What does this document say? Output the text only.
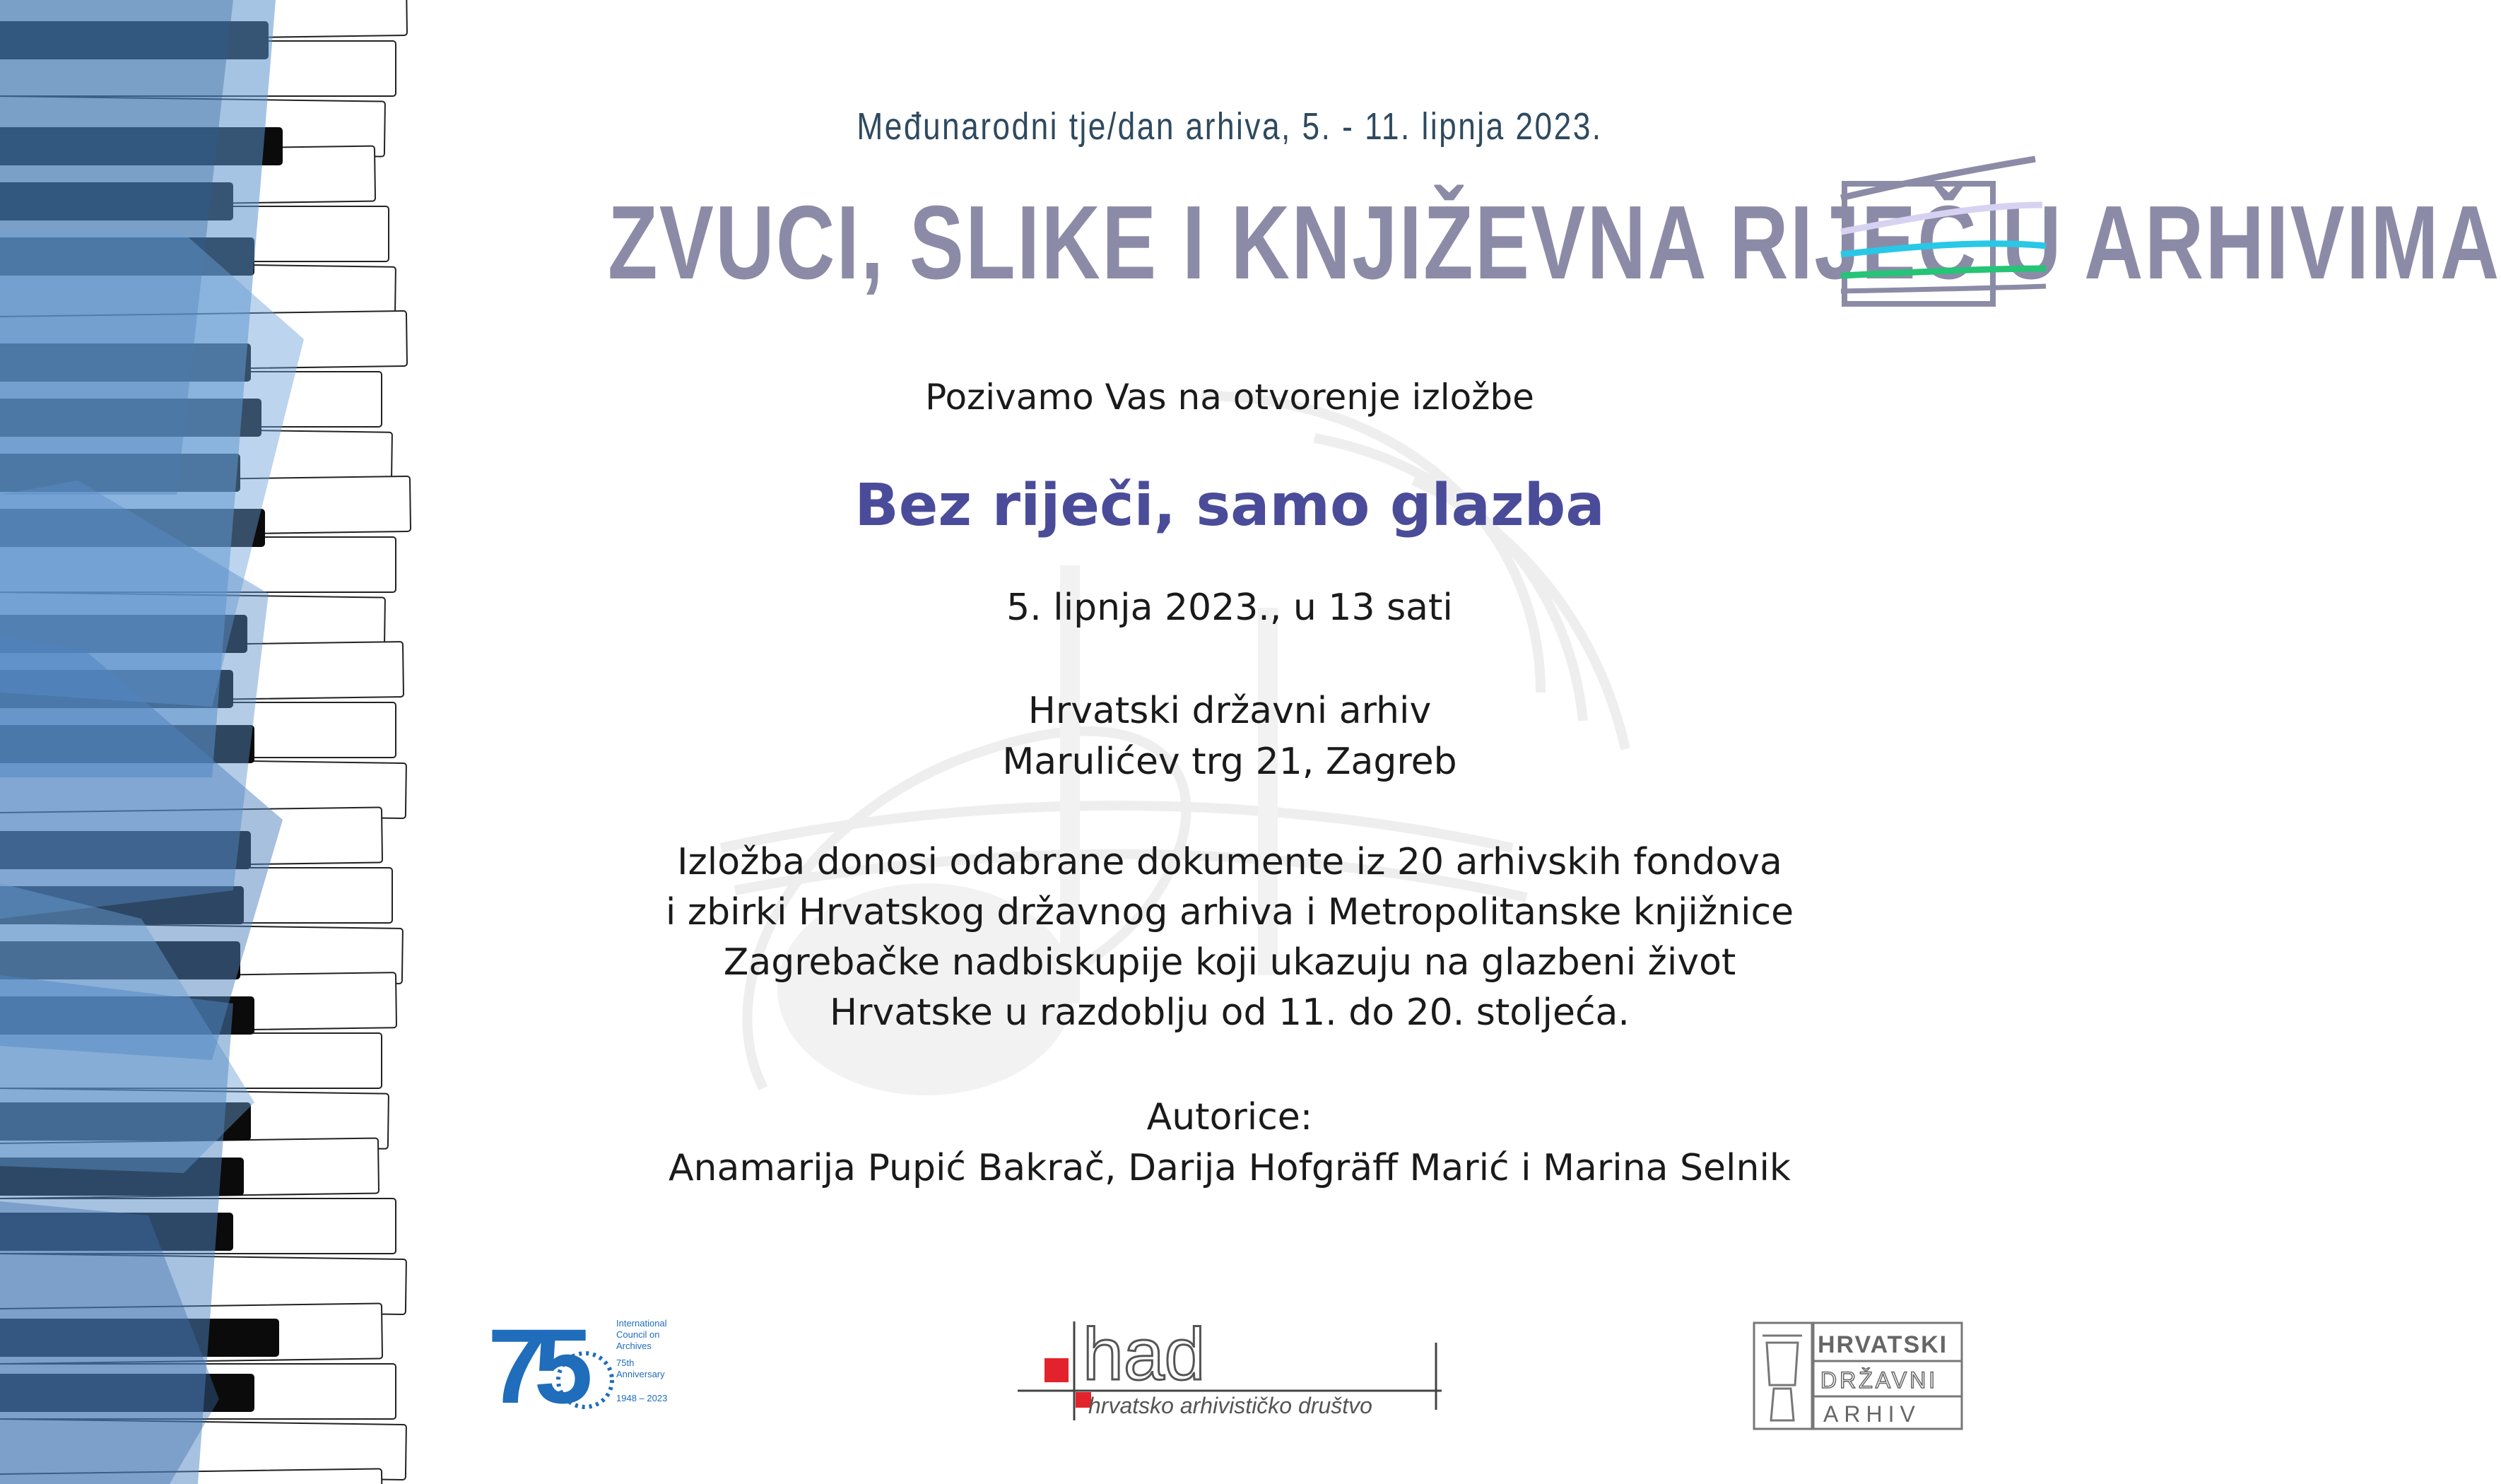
Međunarodni tje/dan arhiva, 5. - 11. lipnja 2023.
ZVUCI, SLIKE I KNJIŽEVNA RIJEČ U ARHIVIMA
Pozivamo Vas na otvorenje izložbe
Bez riječi, samo glazba
5. lipnja 2023., u 13 sati
Hrvatski državni arhiv
Marulićev trg 21, Zagreb
Izložba donosi odabrane dokumente iz 20 arhivskih fondova
i zbirki Hrvatskog državnog arhiva i Metropolitanske knjižnice
Zagrebačke nadbiskupije koji ukazuju na glazbeni život
Hrvatske u razdoblju od 11. do 20. stoljeća.
Autorice:
Anamarija Pupić Bakrač, Darija Hofgräff Marić i Marina Selnik
75	International
Council on
Archives
75th
Anniversary
1948 – 2023
had
hrvatsko arhivističko društvo
HRVATSKI
DRŽAVNI
ARHIV
